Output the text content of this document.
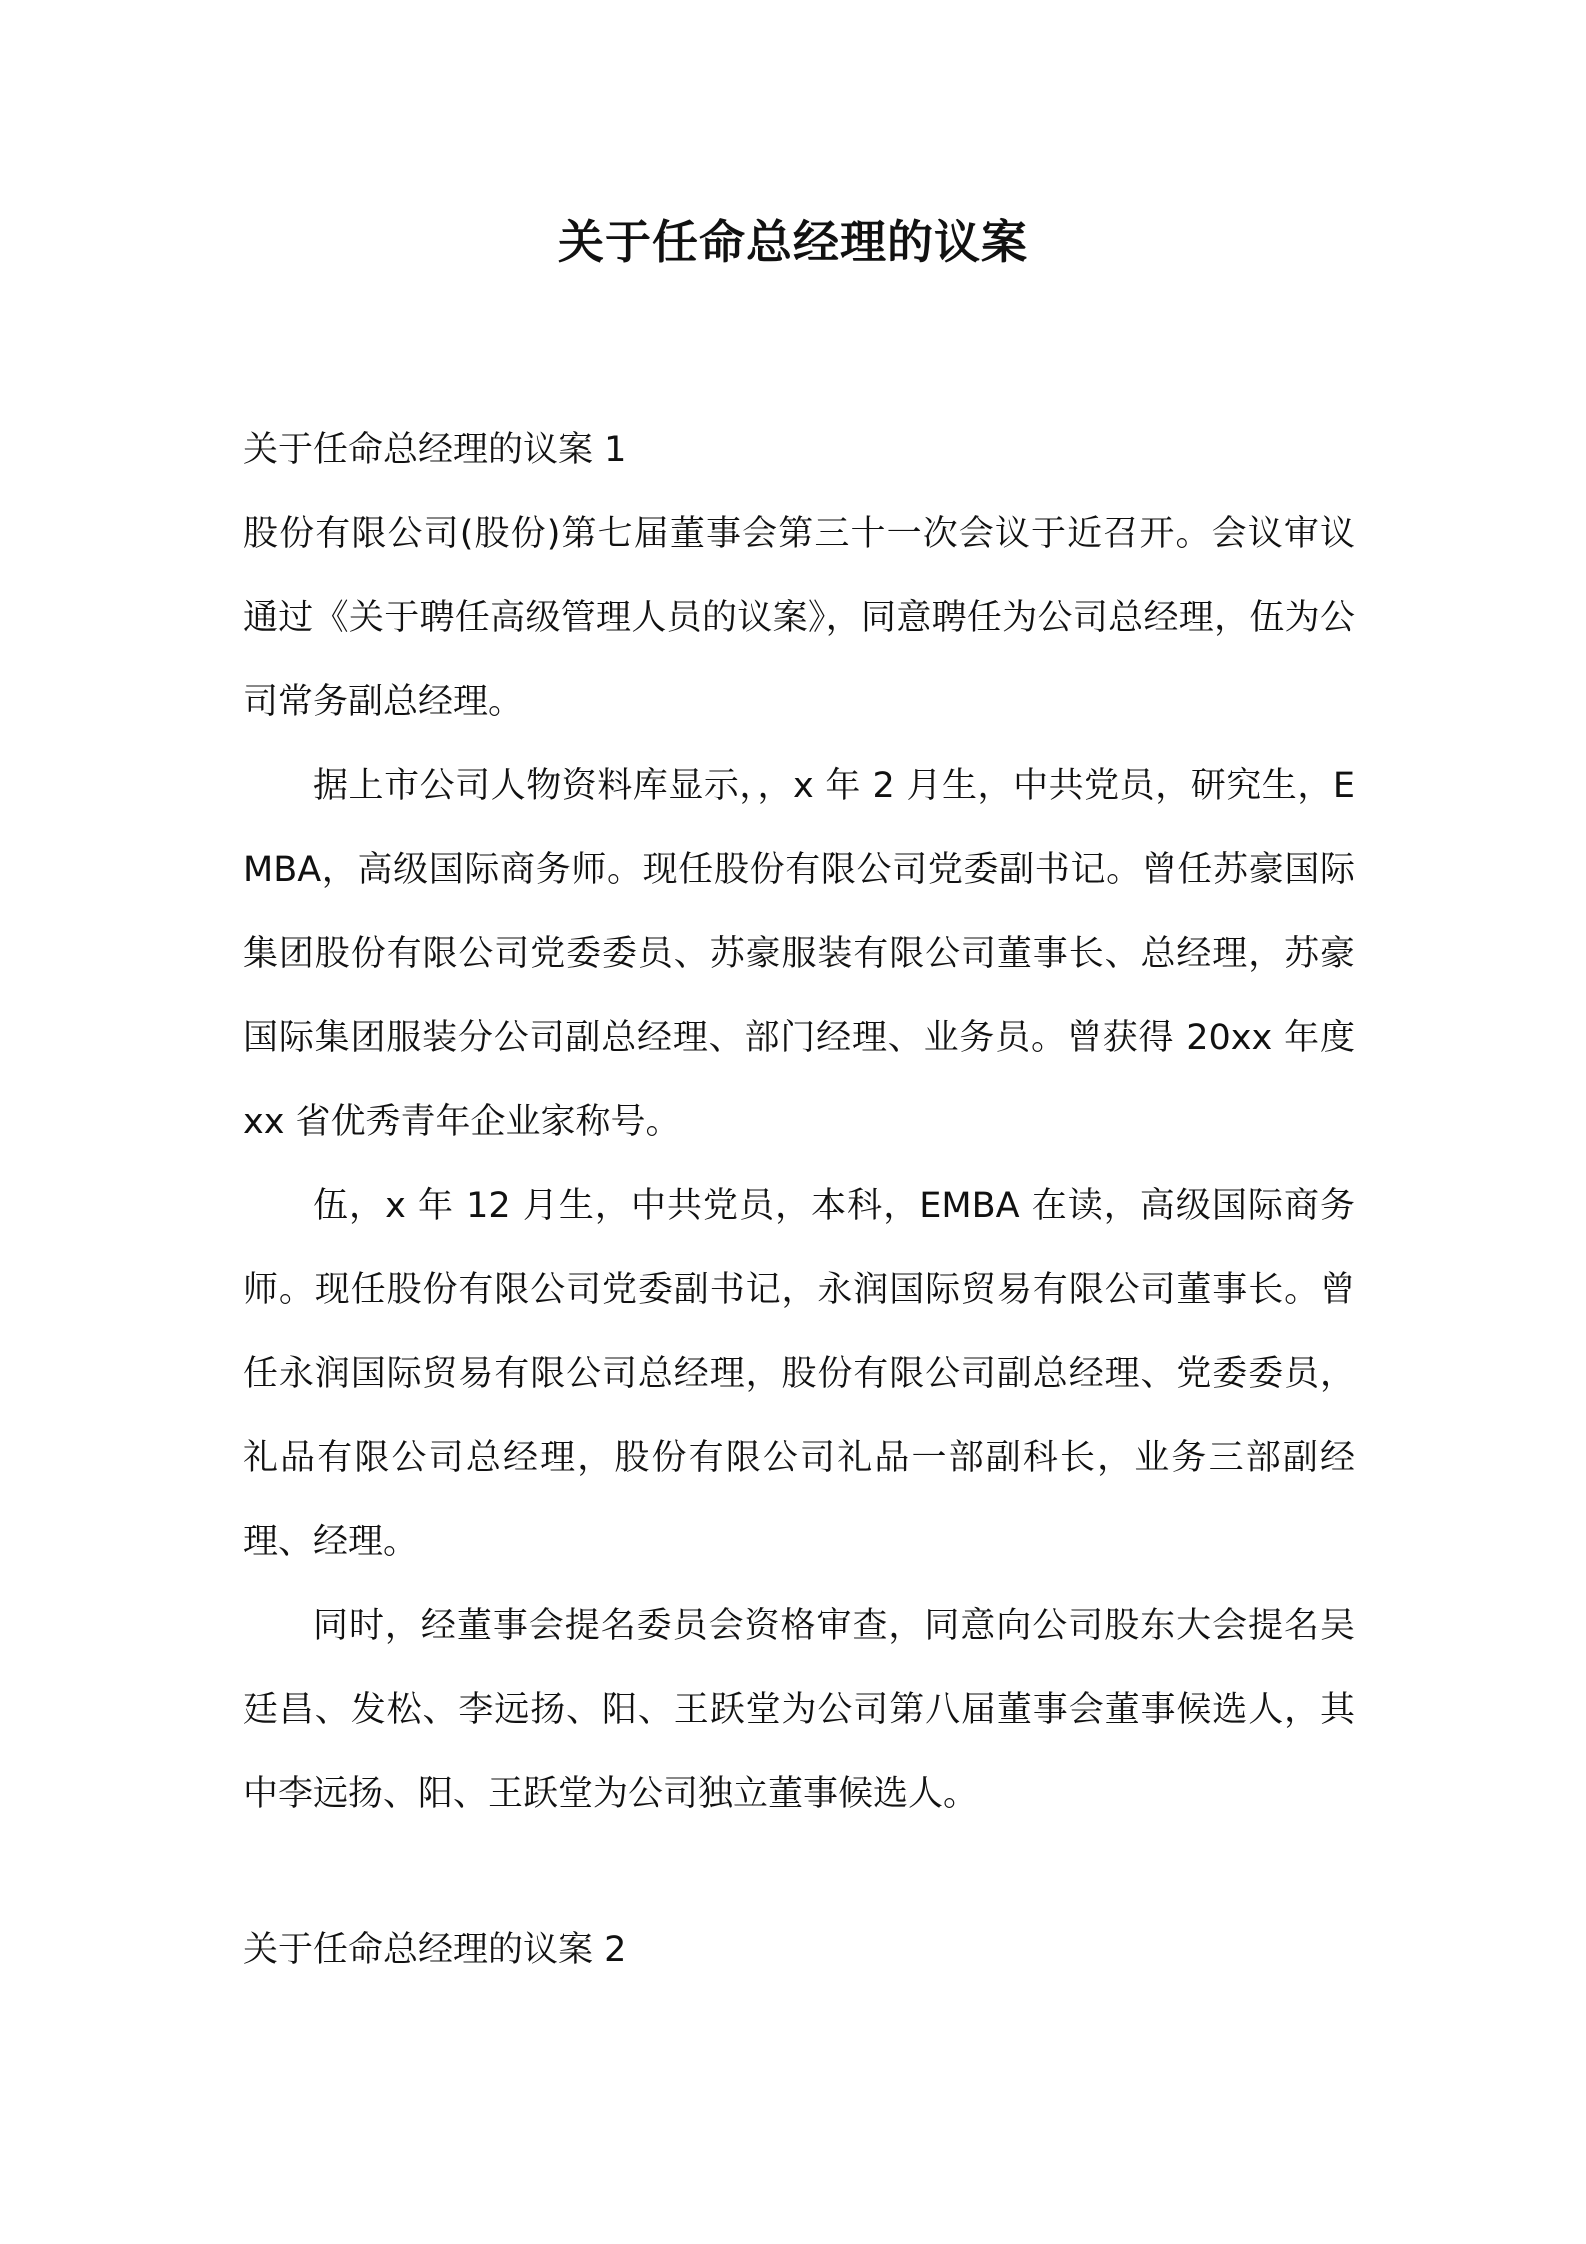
关于任命总经理的议案
关于任命总经理的议案 1

股份有限公司(股份)第七届董事会第三十一次会议于近召开。会议审议通过《关于聘任高级管理人员的议案》，同意聘任为公司总经理，伍为公司常务副总经理。

据上市公司人物资料库显示，，x 年 2 月生，中共党员，研究生，EMBA，高级国际商务师。现任股份有限公司党委副书记。曾任苏豪国际集团股份有限公司党委委员、苏豪服装有限公司董事长、总经理，苏豪国际集团服装分公司副总经理、部门经理、业务员。曾获得 20xx 年度 xx 省优秀青年企业家称号。

伍，x 年 12 月生，中共党员，本科，EMBA 在读，高级国际商务师。现任股份有限公司党委副书记，永润国际贸易有限公司董事长。曾任永润国际贸易有限公司总经理，股份有限公司副总经理、党委委员，礼品有限公司总经理，股份有限公司礼品一部副科长，业务三部副经理、经理。

同时，经董事会提名委员会资格审查，同意向公司股东大会提名吴廷昌、发松、李远扬、阳、王跃堂为公司第八届董事会董事候选人，其中李远扬、阳、王跃堂为公司独立董事候选人。

关于任命总经理的议案 2
